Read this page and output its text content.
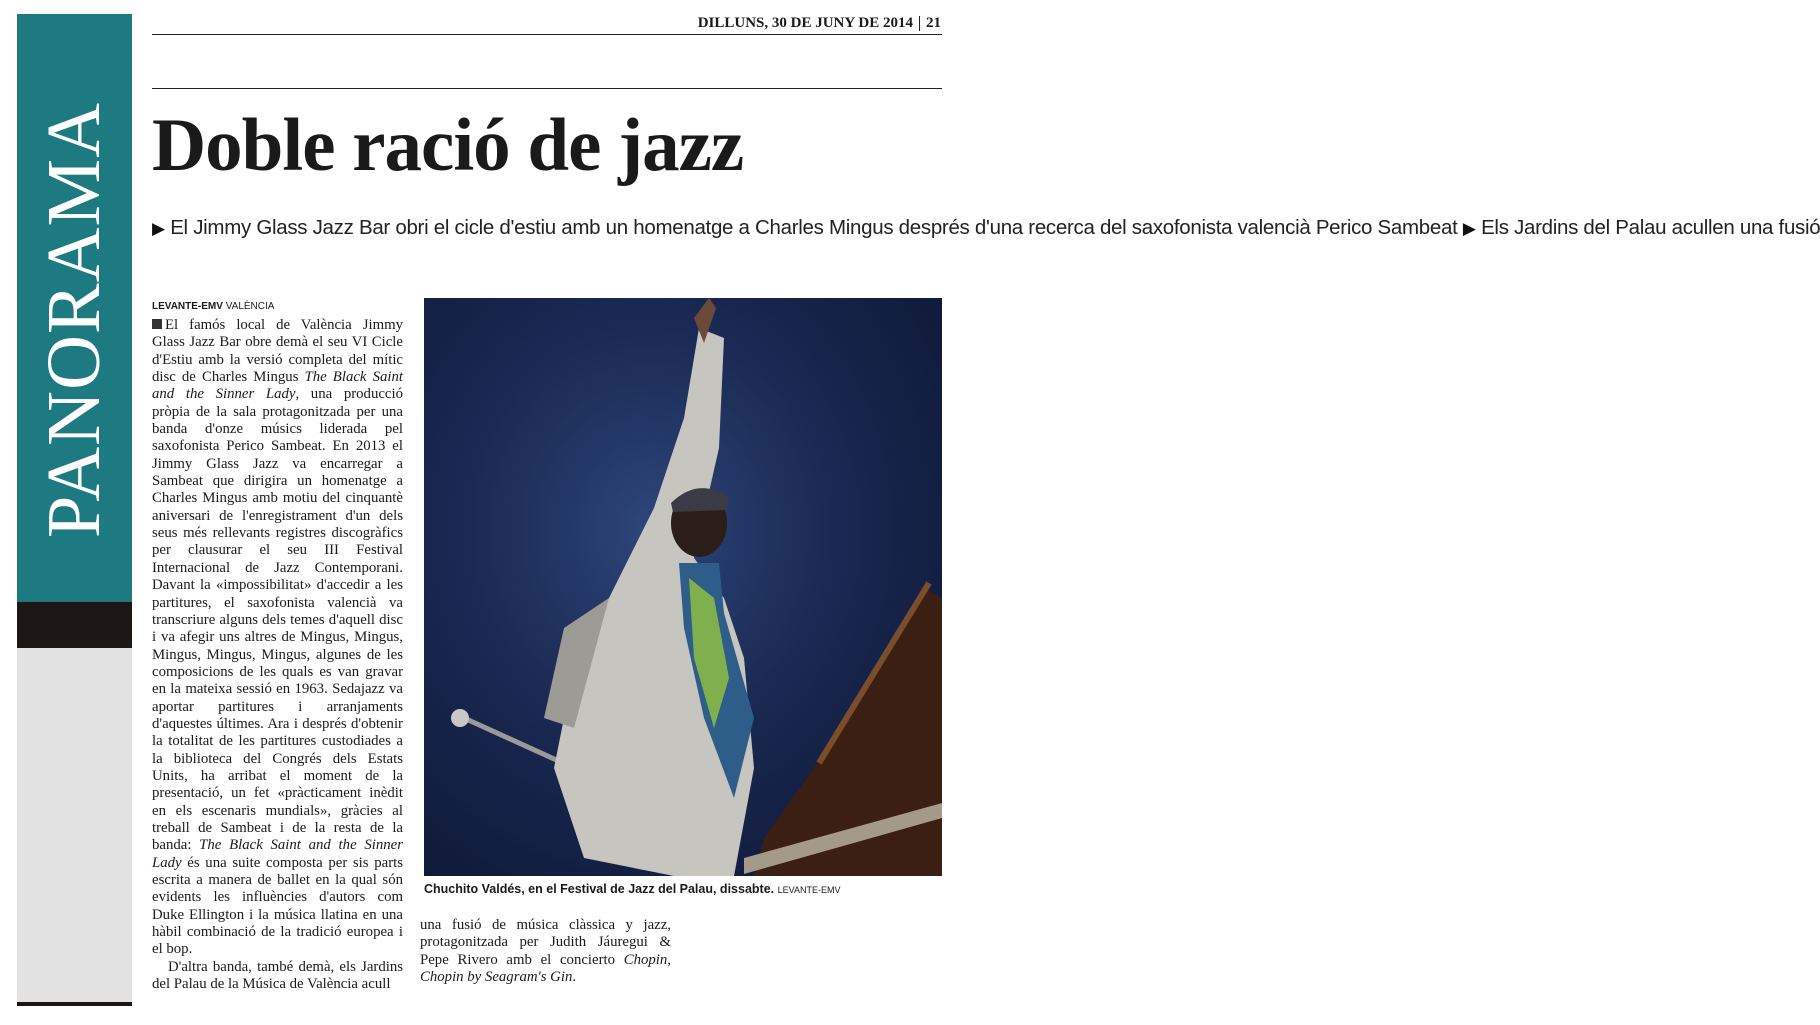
PANORAMA
DILLUNS, 30 DE JUNY DE 2014 21
Doble ració de jazz

▶ El Jimmy Glass Jazz Bar obri el cicle d'estiu amb un homenatge a Charles Mingus després d'una recerca del saxofonista valencià Perico Sambeat ▶ Els Jardins del Palau acullen una fusió

LEVANTE-EMV VALÈNCIA

El famós local de València Jimmy Glass Jazz Bar obre demà el seu VI Cicle d'Estiu amb la versió completa del mític disc de Charles Mingus The Black Saint and the Sinner Lady, una producció pròpia de la sala protagonitzada per una banda d'onze músics liderada pel saxofonista Perico Sambeat. En 2013 el Jimmy Glass Jazz va encarregar a Sambeat que dirigira un homenatge a Charles Mingus amb motiu del cinquantè aniversari de l'enregistrament d'un dels seus més rellevants registres discogràfics per clausurar el seu III Festival Internacional de Jazz Contemporani. Davant la «impossibilitat» d'accedir a les partitures, el saxofonista valencià va transcriure alguns dels temes d'aquell disc i va afegir uns altres de Mingus, Mingus, Mingus, Mingus, Mingus, algunes de les composicions de les quals es van gravar en la mateixa sessió en 1963. Sedajazz va aportar partitures i arranjaments d'aquestes últimes. Ara i després d'obtenir la totalitat de les partitures custodiades a la biblioteca del Congrés dels Estats Units, ha arribat el moment de la presentació, un fet «pràcticament inèdit en els escenaris mundials», gràcies al treball de Sambeat i de la resta de la banda: The Black Saint and the Sinner Lady és una suite composta per sis parts escrita a manera de ballet en la qual són evidents les influències d'autors com Duke Ellington i la música llatina en una hàbil combinació de la tradició europea i el bop.

D'altra banda, també demà, els Jardins del Palau de la Música de València acull

una fusió de música clàssica y jazz, protagonitzada per Judith Jáuregui & Pepe Rivero amb el concierto Chopin, Chopin by Seagram's Gin.

Chuchito Valdés, en el Festival de Jazz del Palau, dissabte. LEVANTE-EMV
